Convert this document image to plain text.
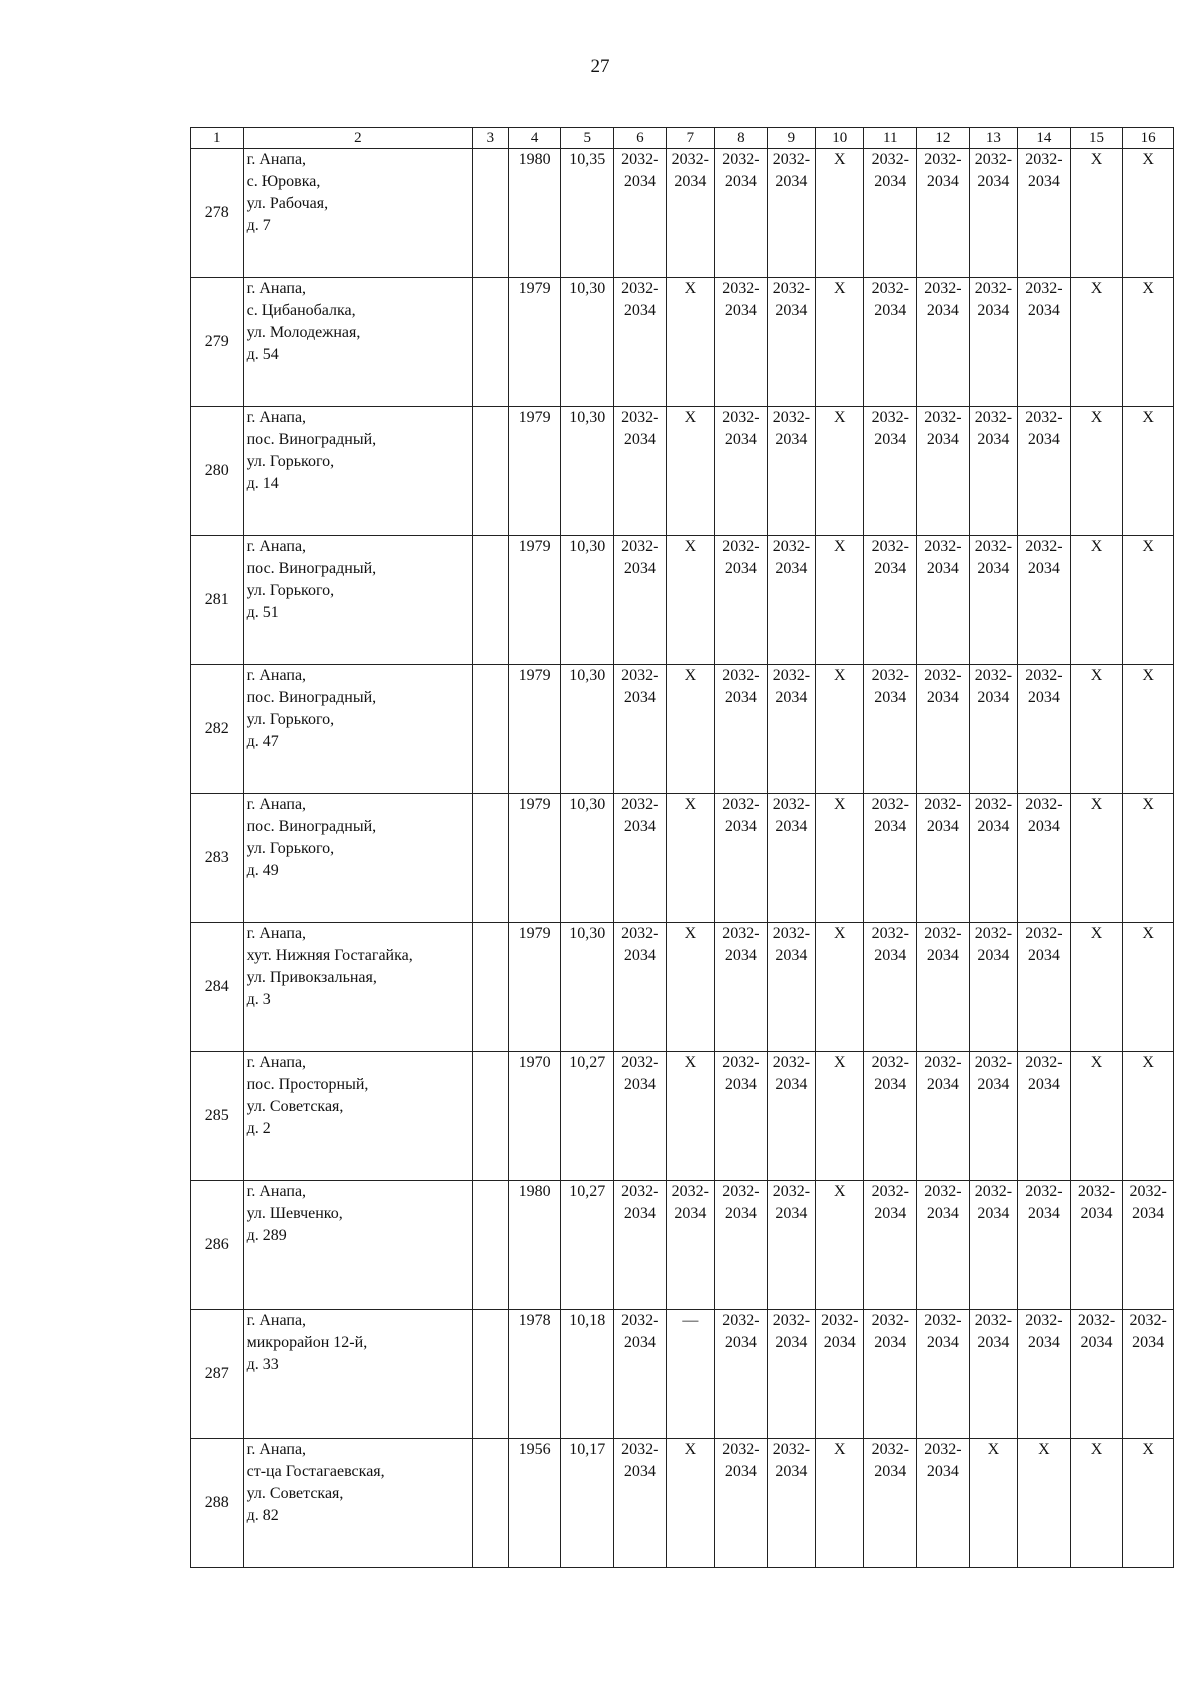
27
1	2	3	4	5	6	7	8	9	10	11	12	13	14	15	16
278	г. Анапа,
с. Юровка,
ул. Рабочая,
д. 7		1980	10,35	2032-
2034	2032-
2034	2032-
2034	2032-
2034	X	2032-
2034	2032-
2034	2032-
2034	2032-
2034	X	X

279	г. Анапа,
с. Цибанобалка,
ул. Молодежная,
д. 54		1979	10,30	2032-
2034	X	2032-
2034	2032-
2034	X	2032-
2034	2032-
2034	2032-
2034	2032-
2034	X	X

280	г. Анапа,
пос. Виноградный,
ул. Горького,
д. 14		1979	10,30	2032-
2034	X	2032-
2034	2032-
2034	X	2032-
2034	2032-
2034	2032-
2034	2032-
2034	X	X

281	г. Анапа,
пос. Виноградный,
ул. Горького,
д. 51		1979	10,30	2032-
2034	X	2032-
2034	2032-
2034	X	2032-
2034	2032-
2034	2032-
2034	2032-
2034	X	X

282	г. Анапа,
пос. Виноградный,
ул. Горького,
д. 47		1979	10,30	2032-
2034	X	2032-
2034	2032-
2034	X	2032-
2034	2032-
2034	2032-
2034	2032-
2034	X	X

283	г. Анапа,
пос. Виноградный,
ул. Горького,
д. 49		1979	10,30	2032-
2034	X	2032-
2034	2032-
2034	X	2032-
2034	2032-
2034	2032-
2034	2032-
2034	X	X

284	г. Анапа,
хут. Нижняя Гостагайка,
ул. Привокзальная,
д. 3		1979	10,30	2032-
2034	X	2032-
2034	2032-
2034	X	2032-
2034	2032-
2034	2032-
2034	2032-
2034	X	X

285	г. Анапа,
пос. Просторный,
ул. Советская,
д. 2		1970	10,27	2032-
2034	X	2032-
2034	2032-
2034	X	2032-
2034	2032-
2034	2032-
2034	2032-
2034	X	X

286	г. Анапа,
ул. Шевченко,
д. 289		1980	10,27	2032-
2034	2032-
2034	2032-
2034	2032-
2034	X	2032-
2034	2032-
2034	2032-
2034	2032-
2034	2032-
2034	2032-
2034

287	г. Анапа,
микрорайон 12-й,
д. 33		1978	10,18	2032-
2034	—	2032-
2034	2032-
2034	2032-
2034	2032-
2034	2032-
2034	2032-
2034	2032-
2034	2032-
2034	2032-
2034

288	г. Анапа,
ст-ца Гостагаевская,
ул. Советская,
д. 82		1956	10,17	2032-
2034	X	2032-
2034	2032-
2034	X	2032-
2034	2032-
2034	X	X	X	X
